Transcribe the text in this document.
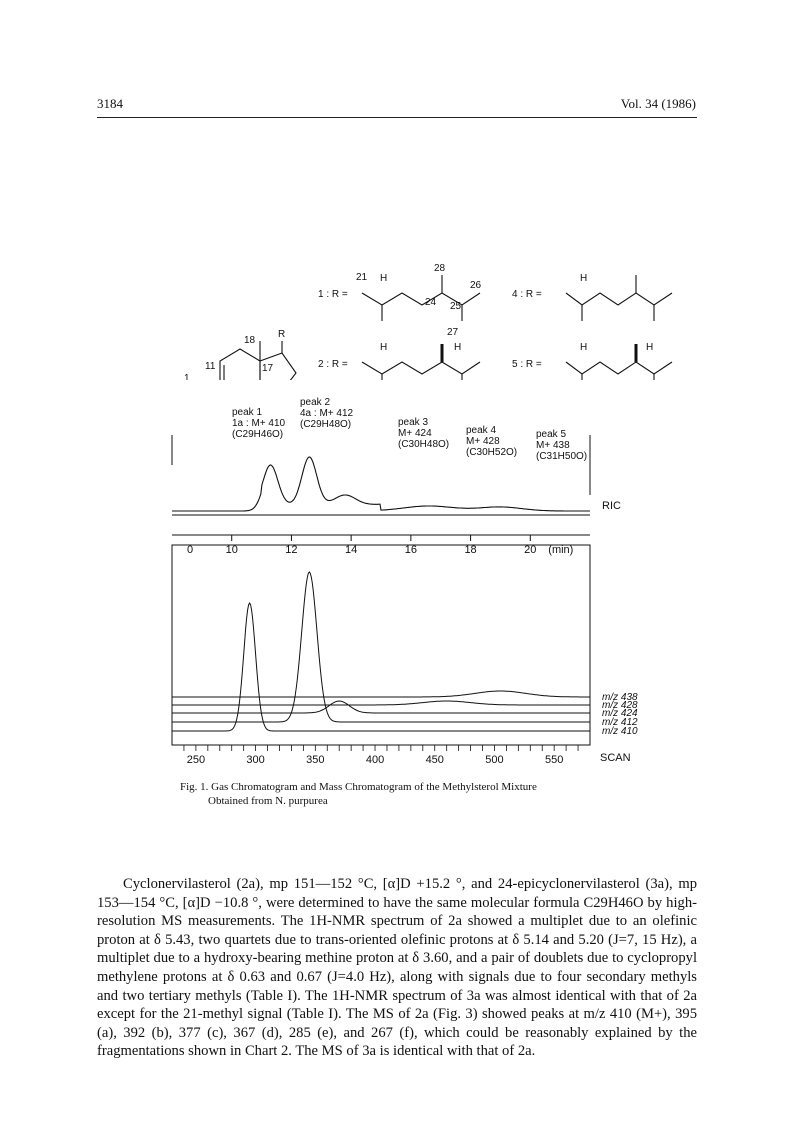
3184	Vol. 34 (1986)
1 : R =
2 : R =
4 : R =
5 : R =
18
R
11	17
1
21
24 25
26
27
28
H	H
H	H	H	H
peak 1
1a : M+ 410
(C29H46O)
peak 2
4a : M+ 412
(C29H48O)	peak 3
M+ 424
(C30H48O)
peak 4
M+ 428
(C30H52O)
peak 5
M+ 438
(C31H50O)
0	10	12	14	16	18	20 (min)
m/z 438
m/z 428
m/z 424
m/z 412
m/z 410
250	300	350	400	450	500	550
RIC
SCAN
Fig. 1. Gas Chromatogram and Mass Chromatogram of the Methylsterol Mixture
Obtained from N. purpurea

Cyclonervilasterol (2a), mp 151—152 °C, [α]D +15.2 °, and 24-epicyclonervilasterol (3a), mp 153—154 °C, [α]D −10.8 °, were determined to have the same molecular formula C29H46O by high-resolution MS measurements. The 1H-NMR spectrum of 2a showed a multiplet due to an olefinic proton at δ 5.43, two quartets due to trans-oriented olefinic protons at δ 5.14 and 5.20 (J=7, 15 Hz), a multiplet due to a hydroxy-bearing methine proton at δ 3.60, and a pair of doublets due to cyclopropyl methylene protons at δ 0.63 and 0.67 (J=4.0 Hz), along with signals due to four secondary methyls and two tertiary methyls (Table I). The 1H-NMR spectrum of 3a was almost identical with that of 2a except for the 21-methyl signal (Table I). The MS of 2a (Fig. 3) showed peaks at m/z 410 (M+), 395 (a), 392 (b), 377 (c), 367 (d), 285 (e), and 267 (f), which could be reasonably explained by the fragmentations shown in Chart 2. The MS of 3a is identical with that of 2a.
